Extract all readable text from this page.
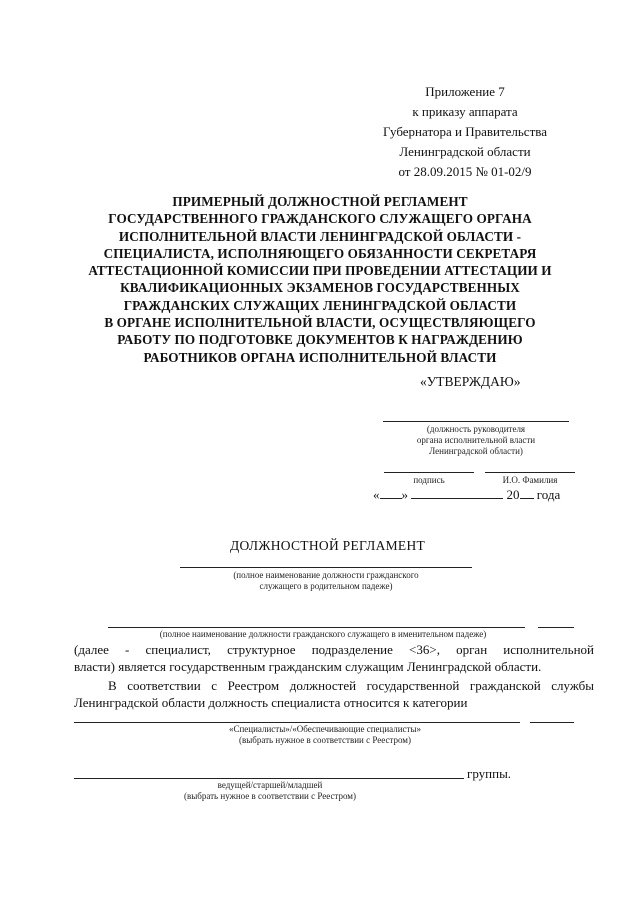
Приложение 7
к приказу аппарата
Губернатора и Правительства
Ленинградской области
от 28.09.2015 № 01-02/9
ПРИМЕРНЫЙ ДОЛЖНОСТНОЙ РЕГЛАМЕНТ
ГОСУДАРСТВЕННОГО ГРАЖДАНСКОГО СЛУЖАЩЕГО ОРГАНА
ИСПОЛНИТЕЛЬНОЙ ВЛАСТИ ЛЕНИНГРАДСКОЙ ОБЛАСТИ -
СПЕЦИАЛИСТА, ИСПОЛНЯЮЩЕГО ОБЯЗАННОСТИ СЕКРЕТАРЯ
АТТЕСТАЦИОННОЙ КОМИССИИ ПРИ ПРОВЕДЕНИИ АТТЕСТАЦИИ И
КВАЛИФИКАЦИОННЫХ ЭКЗАМЕНОВ ГОСУДАРСТВЕННЫХ
ГРАЖДАНСКИХ СЛУЖАЩИХ ЛЕНИНГРАДСКОЙ ОБЛАСТИ
В ОРГАНЕ ИСПОЛНИТЕЛЬНОЙ ВЛАСТИ, ОСУЩЕСТВЛЯЮЩЕГО
РАБОТУ ПО ПОДГОТОВКЕ ДОКУМЕНТОВ К НАГРАЖДЕНИЮ
РАБОТНИКОВ ОРГАНА ИСПОЛНИТЕЛЬНОЙ ВЛАСТИ
«УТВЕРЖДАЮ»
(должность руководителя
органа исполнительной власти
Ленинградской области)
подпись	И.О. Фамилия
« »	20 года
ДОЛЖНОСТНОЙ РЕГЛАМЕНТ
(полное наименование должности гражданского
служащего в родительном падеже)
(полное наименование должности гражданского служащего в именительном падеже)
(далее - специалист, структурное подразделение <36>, орган исполнительной
власти) является государственным гражданским служащим Ленинградской области.
В соответствии с Реестром должностей государственной гражданской службы
Ленинградской области должность специалиста относится к категории
«Специалисты»/«Обеспечивающие специалисты»
(выбрать нужное в соответствии с Реестром)
группы.
ведущей/старшей/младшей
(выбрать нужное в соответствии с Реестром)
